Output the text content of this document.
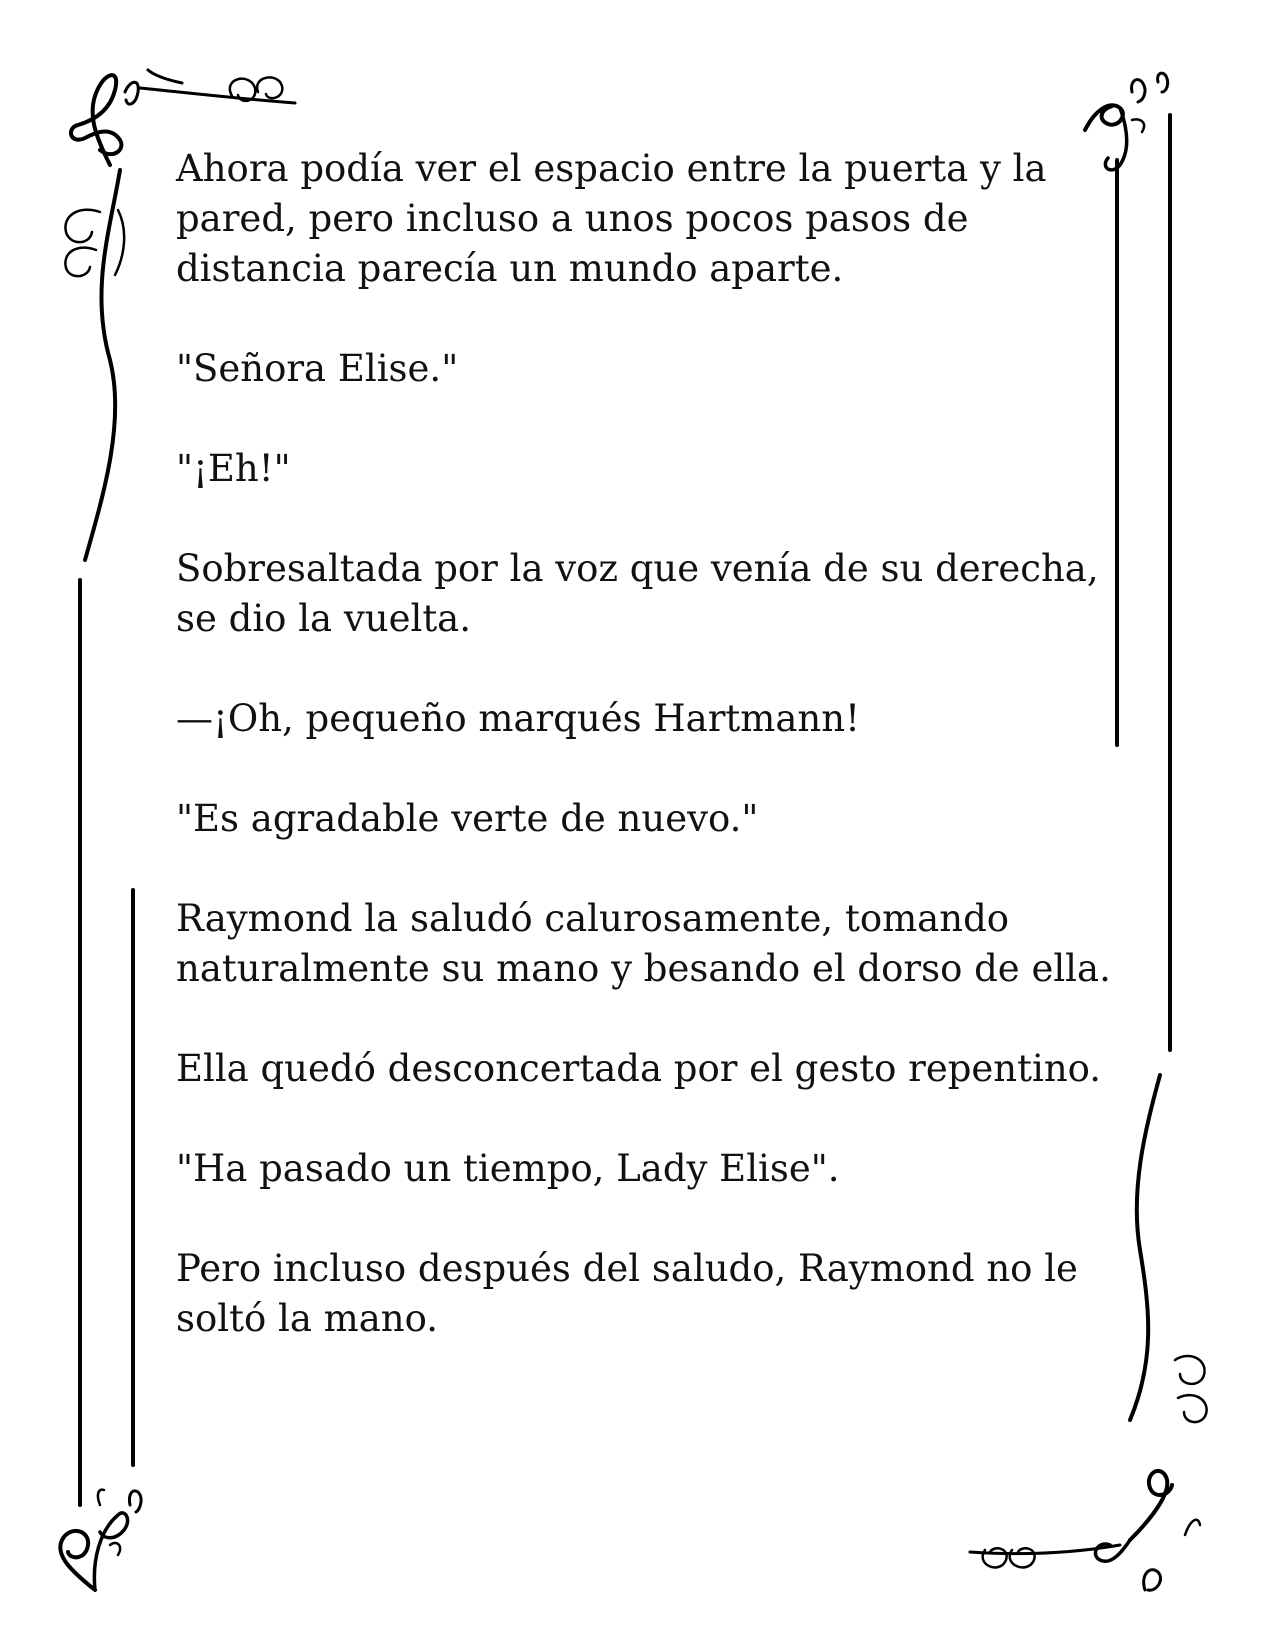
Ahora podía ver el espacio entre la puerta y la pared, pero incluso a unos pocos pasos de distancia parecía un mundo aparte.

"Señora Elise."

"¡Eh!"

Sobresaltada por la voz que venía de su derecha, se dio la vuelta.

—¡Oh, pequeño marqués Hartmann!

"Es agradable verte de nuevo."

Raymond la saludó calurosamente, tomando naturalmente su mano y besando el dorso de ella.

Ella quedó desconcertada por el gesto repentino.

"Ha pasado un tiempo, Lady Elise".

Pero incluso después del saludo, Raymond no le soltó la mano.
